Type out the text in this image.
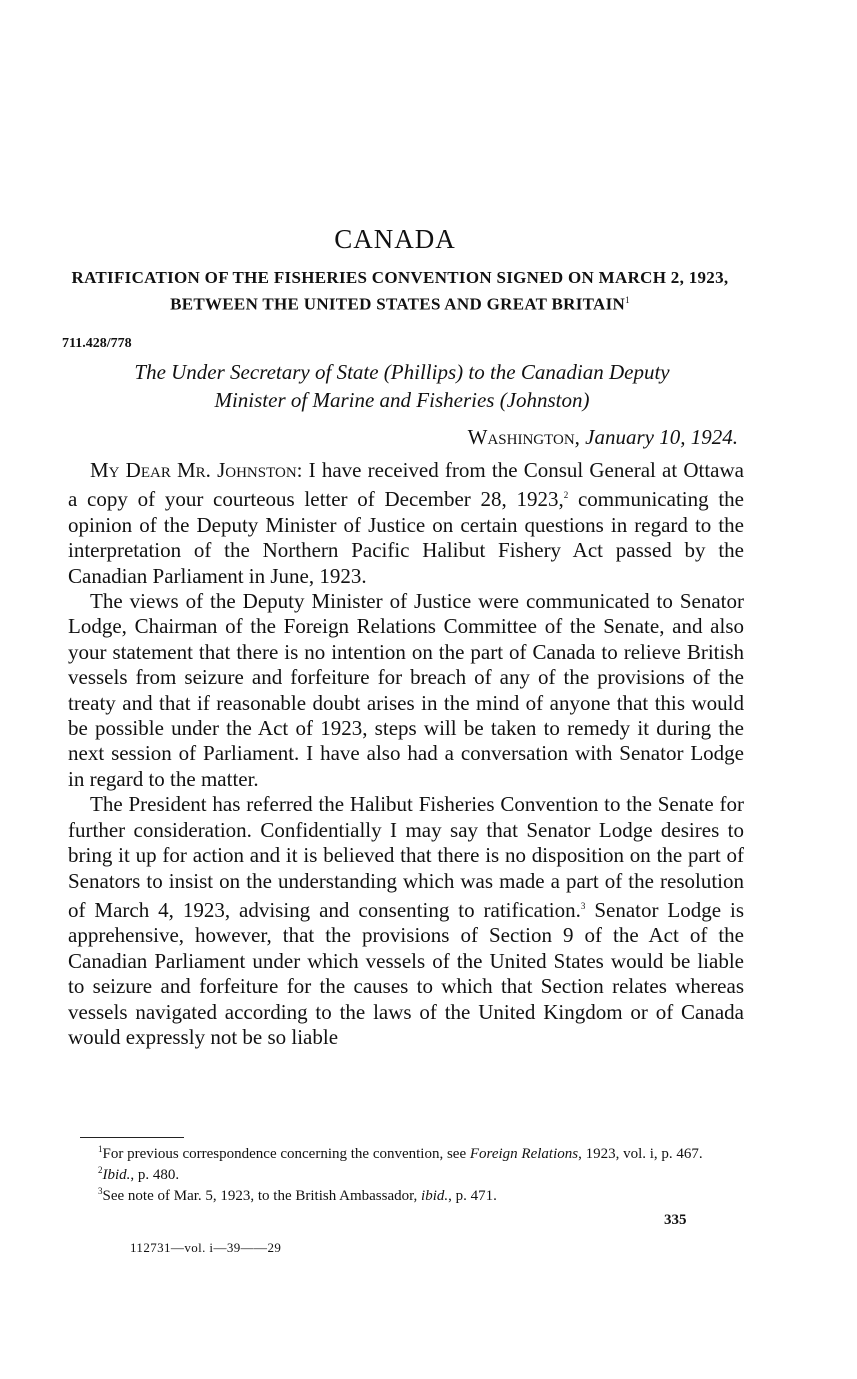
CANADA
RATIFICATION OF THE FISHERIES CONVENTION SIGNED ON MARCH 2, 1923, BETWEEN THE UNITED STATES AND GREAT BRITAIN$^1$
711.428/778
The Under Secretary of State (Phillips) to the Canadian Deputy
Minister of Marine and Fisheries (Johnston)
Washington, January 10, 1924.

My Dear Mr. Johnston: I have received from the Consul General at Ottawa a copy of your courteous letter of December 28, 1923,$^2$ communicating the opinion of the Deputy Minister of Justice on certain questions in regard to the interpretation of the Northern Pacific Halibut Fishery Act passed by the Canadian Parliament in June, 1923.

The views of the Deputy Minister of Justice were communicated to Senator Lodge, Chairman of the Foreign Relations Committee of the Senate, and also your statement that there is no intention on the part of Canada to relieve British vessels from seizure and forfeiture for breach of any of the provisions of the treaty and that if reasonable doubt arises in the mind of anyone that this would be possible under the Act of 1923, steps will be taken to remedy it during the next session of Parliament. I have also had a conversation with Senator Lodge in regard to the matter.

The President has referred the Halibut Fisheries Convention to the Senate for further consideration. Confidentially I may say that Senator Lodge desires to bring it up for action and it is believed that there is no disposition on the part of Senators to insist on the understanding which was made a part of the resolution of March 4, 1923, advising and consenting to ratification.$^3$ Senator Lodge is apprehensive, however, that the provisions of Section 9 of the Act of the Canadian Parliament under which vessels of the United States would be liable to seizure and forfeiture for the causes to which that Section relates whereas vessels navigated according to the laws of the United Kingdom or of Canada would expressly not be so liable

$^1$For previous correspondence concerning the convention, see Foreign Relations, 1923, vol. i, p. 467.

$^2$Ibid., p. 480.

$^3$See note of Mar. 5, 1923, to the British Ambassador, ibid., p. 471.

335
112731—vol. i—39——29
